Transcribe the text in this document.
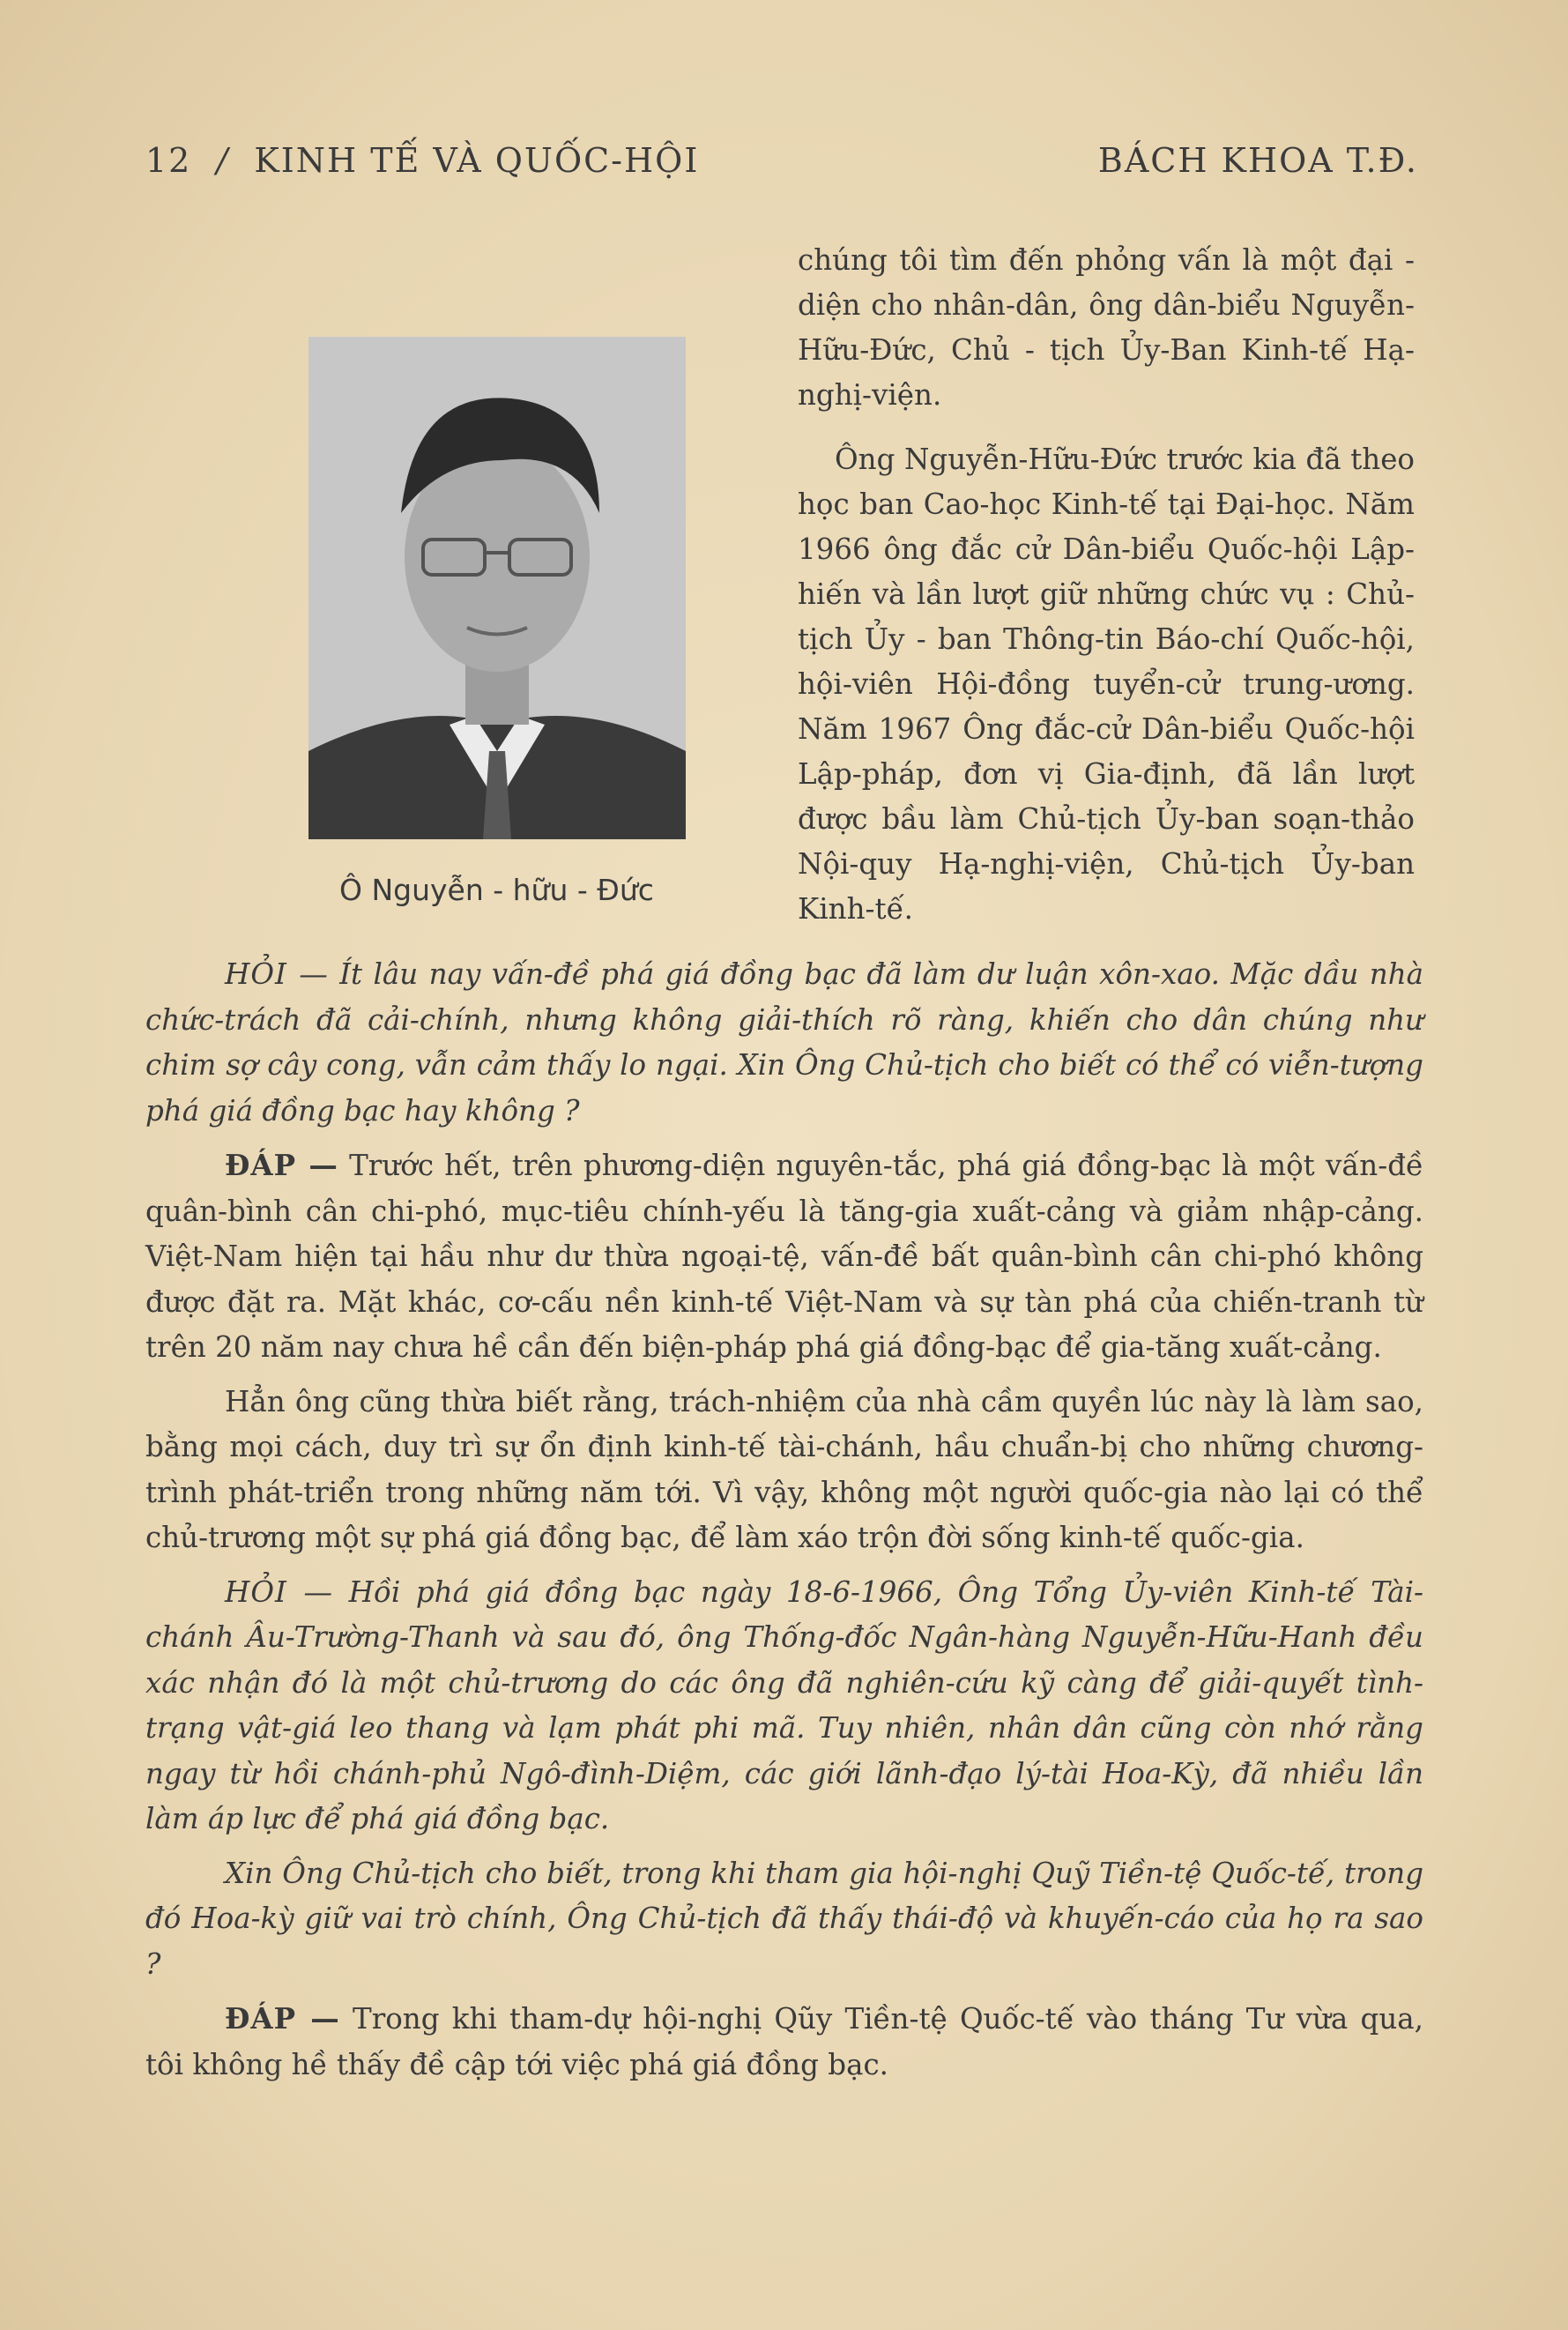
12 / KINH TẾ VÀ QUỐC-HỘI	BÁCH KHOA T.Đ.
Ô Nguyễn - hữu - Đức

chúng tôi tìm đến phỏng vấn là một đại - diện cho nhân-dân, ông dân-biểu Nguyễn-Hữu-Đức, Chủ - tịch Ủy-Ban Kinh-tế Hạ-nghị-viện.

Ông Nguyễn-Hữu-Đức trước kia đã theo học ban Cao-học Kinh-tế tại Đại-học. Năm 1966 ông đắc cử Dân-biểu Quốc-hội Lập-hiến và lần lượt giữ những chức vụ : Chủ-tịch Ủy - ban Thông-tin Báo-chí Quốc-hội, hội-viên Hội-đồng tuyển-cử trung-ương. Năm 1967 Ông đắc-cử Dân-biểu Quốc-hội Lập-pháp, đơn vị Gia-định, đã lần lượt được bầu làm Chủ-tịch Ủy-ban soạn-thảo Nội-quy Hạ-nghị-viện, Chủ-tịch Ủy-ban Kinh-tế.

HỎI — Ít lâu nay vấn-đề phá giá đồng bạc đã làm dư luận xôn-xao. Mặc dầu nhà chức-trách đã cải-chính, nhưng không giải-thích rõ ràng, khiến cho dân chúng như chim sợ cây cong, vẫn cảm thấy lo ngại. Xin Ông Chủ-tịch cho biết có thể có viễn-tượng phá giá đồng bạc hay không ?

ĐÁP — Trước hết, trên phương-diện nguyên-tắc, phá giá đồng-bạc là một vấn-đề quân-bình cân chi-phó, mục-tiêu chính-yếu là tăng-gia xuất-cảng và giảm nhập-cảng. Việt-Nam hiện tại hầu như dư thừa ngoại-tệ, vấn-đề bất quân-bình cân chi-phó không được đặt ra. Mặt khác, cơ-cấu nền kinh-tế Việt-Nam và sự tàn phá của chiến-tranh từ trên 20 năm nay chưa hề cần đến biện-pháp phá giá đồng-bạc để gia-tăng xuất-cảng.

Hẳn ông cũng thừa biết rằng, trách-nhiệm của nhà cầm quyền lúc này là làm sao, bằng mọi cách, duy trì sự ổn định kinh-tế tài-chánh, hầu chuẩn-bị cho những chương-trình phát-triển trong những năm tới. Vì vậy, không một người quốc-gia nào lại có thể chủ-trương một sự phá giá đồng bạc, để làm xáo trộn đời sống kinh-tế quốc-gia.

HỎI — Hồi phá giá đồng bạc ngày 18-6-1966, Ông Tổng Ủy-viên Kinh-tế Tài-chánh Âu-Trường-Thanh và sau đó, ông Thống-đốc Ngân-hàng Nguyễn-Hữu-Hanh đều xác nhận đó là một chủ-trương do các ông đã nghiên-cứu kỹ càng để giải-quyết tình-trạng vật-giá leo thang và lạm phát phi mã. Tuy nhiên, nhân dân cũng còn nhớ rằng ngay từ hồi chánh-phủ Ngô-đình-Diệm, các giới lãnh-đạo lý-tài Hoa-Kỳ, đã nhiều lần làm áp lực để phá giá đồng bạc.

Xin Ông Chủ-tịch cho biết, trong khi tham gia hội-nghị Quỹ Tiền-tệ Quốc-tế, trong đó Hoa-kỳ giữ vai trò chính, Ông Chủ-tịch đã thấy thái-độ và khuyến-cáo của họ ra sao ?

ĐÁP — Trong khi tham-dự hội-nghị Qũy Tiền-tệ Quốc-tế vào tháng Tư vừa qua, tôi không hề thấy đề cập tới việc phá giá đồng bạc.
